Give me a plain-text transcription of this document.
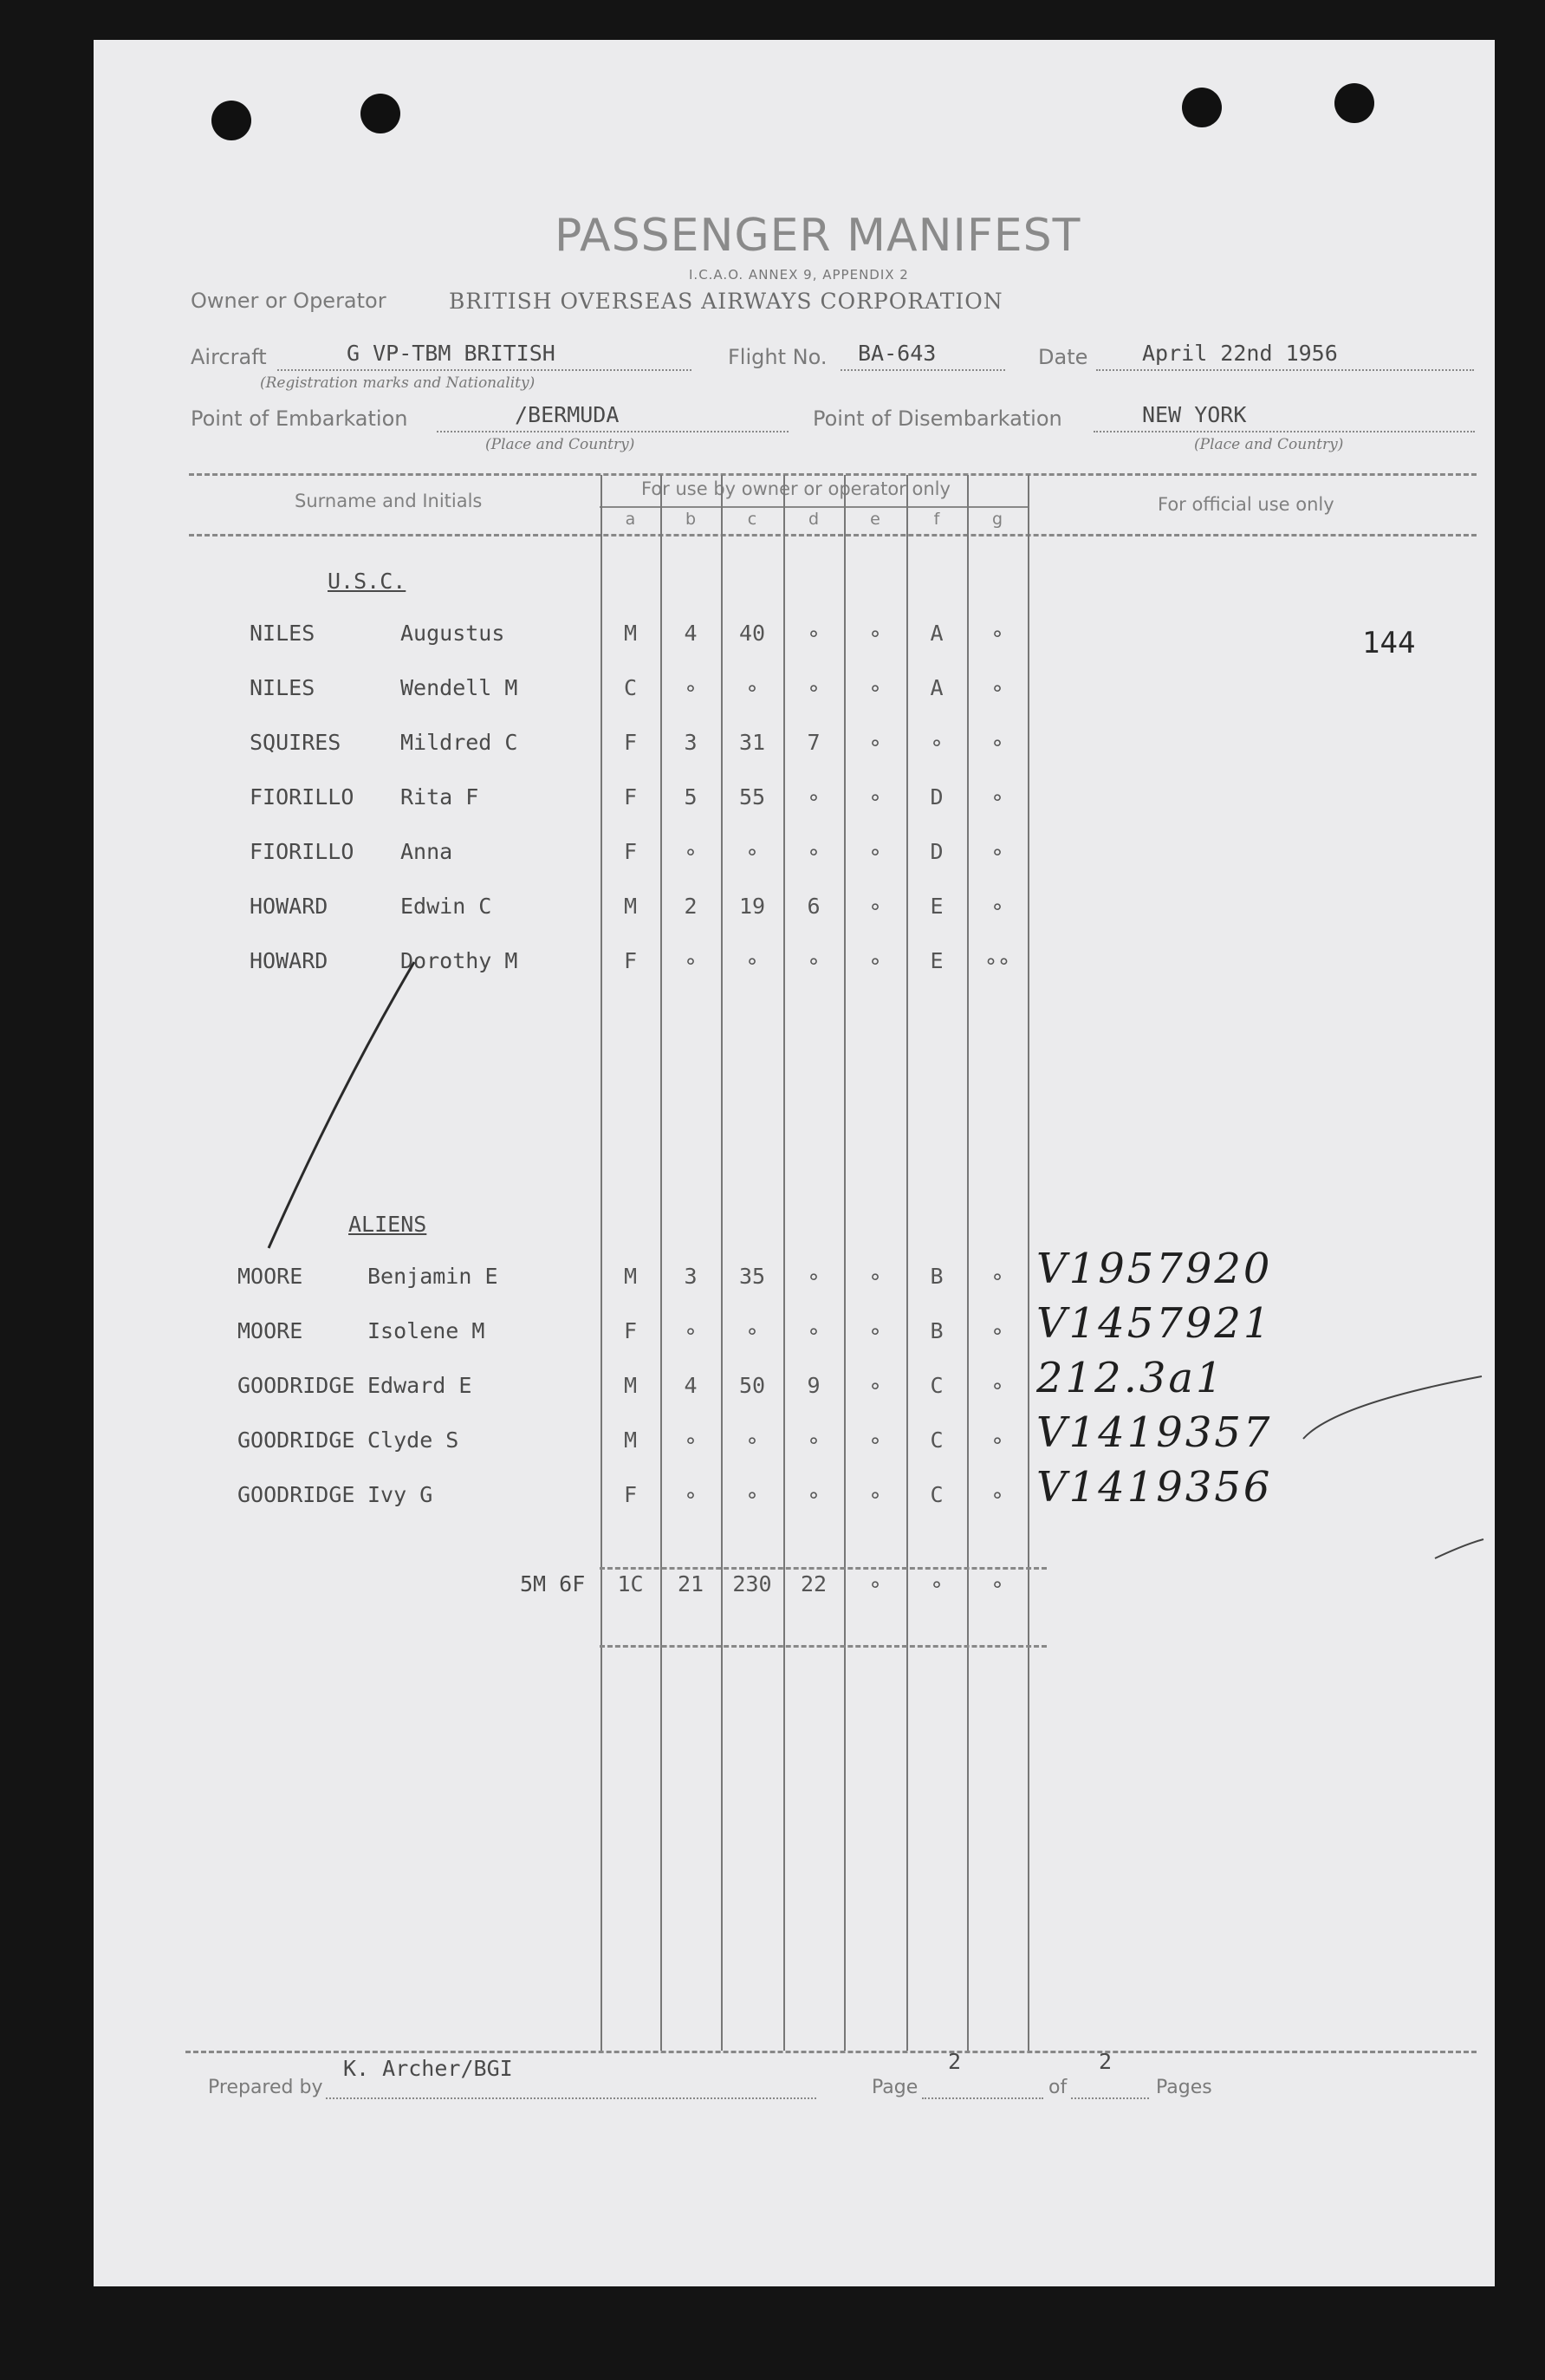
PASSENGER MANIFEST
I.C.A.O. ANNEX 9, APPENDIX 2
Owner or Operator	BRITISH OVERSEAS AIRWAYS CORPORATION
Aircraft	G VP-TBM BRITISH
(Registration marks and Nationality)
Flight No. BA-643	Date	April 22nd 1956
Point of Embarkation	/BERMUDA
(Place and Country)
Point of Disembarkation	NEW YORK
(Place and Country)
Surname and Initials
For use by owner or operator only
For official use only
a	b	c	d	e	f	g
144
U.S.C.
NILES	Augustus	M	4	40	∘	∘	A	∘
NILES	Wendell M	C	∘	∘	∘	∘	A	∘
SQUIRES	Mildred C	F	3	31	7	∘	∘	∘
FIORILLO Rita F	F	5	55	∘	∘	D	∘
FIORILLO Anna	F	∘	∘	∘	∘	D	∘
HOWARD	Edwin C	M	2	19	6	∘	E	∘
HOWARD	Dorothy M	F	∘	∘	∘	∘	E	∘∘
ALIENS
MOORE	Benjamin E	M	3	35	∘	∘	B	∘ V1957920
MOORE	Isolene M	F	∘	∘	∘	∘	B	∘ V1457921
GOODRIDGE Edward E	M	4	50	9	∘	C	∘ 212.3a1
GOODRIDGE Clyde S	M	∘	∘	∘	∘	C	∘ V1419357
GOODRIDGE Ivy G	F	∘	∘	∘	∘	C	∘ V1419356
5M 6F	1C	21	230	22	∘	∘	∘
Prepared by
K. Archer/BGI
Page
2
of
2
Pages
